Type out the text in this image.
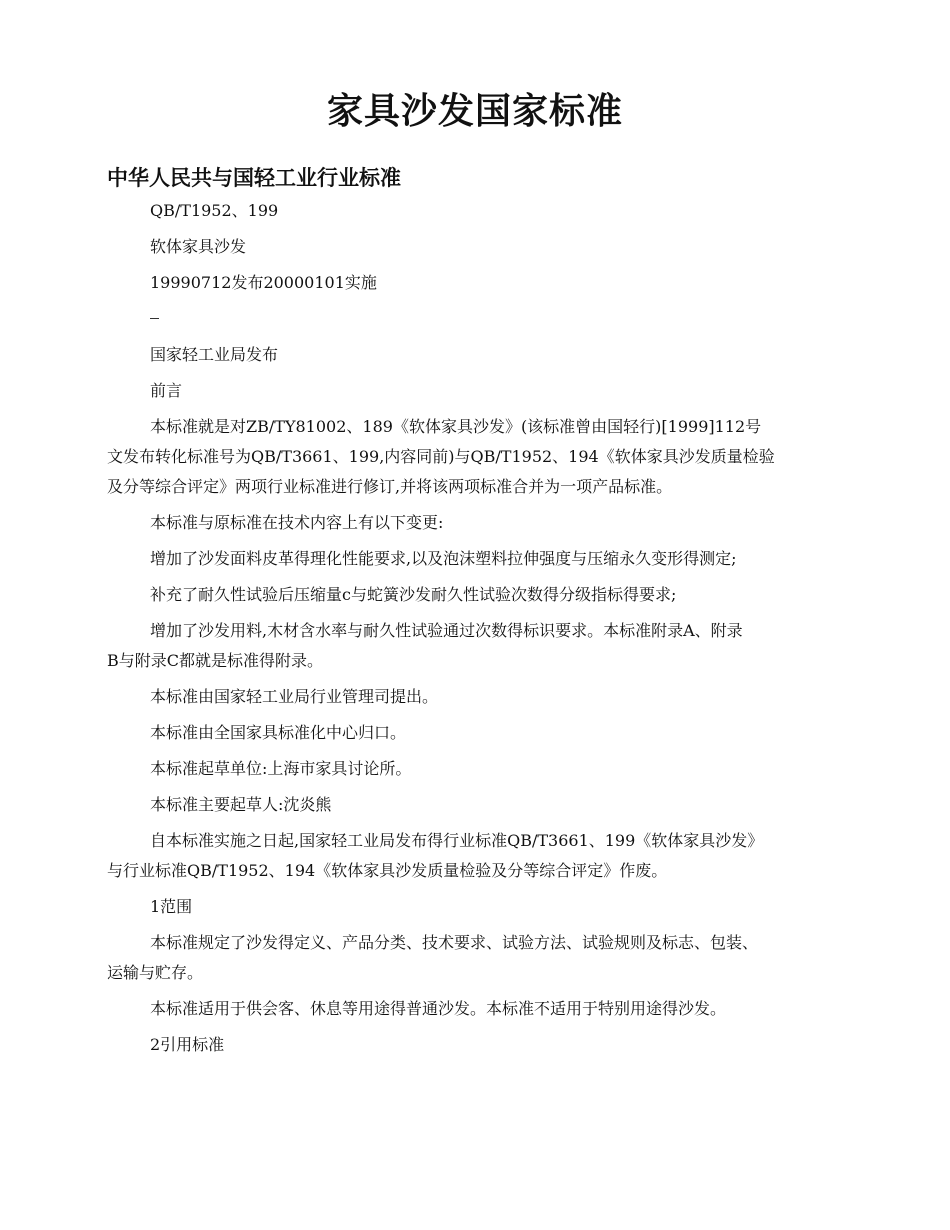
家具沙发国家标准
中华人民共与国轻工业行业标准

QB/T1952、199

软体家具沙发

19990712发布20000101实施

国家轻工业局发布

前言

本标准就是对ZB/TY81002、189《软体家具沙发》(该标准曾由国轻行)[1999]112号

文发布转化标准号为QB/T3661、199,内容同前)与QB/T1952、194《软体家具沙发质量检验

及分等综合评定》两项行业标准进行修订,并将该两项标准合并为一项产品标准。

本标准与原标准在技术内容上有以下变更:

增加了沙发面料皮革得理化性能要求,以及泡沫塑料拉伸强度与压缩永久变形得测定;

补充了耐久性试验后压缩量c与蛇簧沙发耐久性试验次数得分级指标得要求;

增加了沙发用料,木材含水率与耐久性试验通过次数得标识要求。本标准附录A、附录

B与附录C都就是标准得附录。

本标准由国家轻工业局行业管理司提出。

本标准由全国家具标准化中心归口。

本标准起草单位:上海市家具讨论所。

本标准主要起草人:沈炎熊

自本标准实施之日起,国家轻工业局发布得行业标准QB/T3661、199《软体家具沙发》

与行业标准QB/T1952、194《软体家具沙发质量检验及分等综合评定》作废。

1范围

本标准规定了沙发得定义、产品分类、技术要求、试验方法、试验规则及标志、包装、

运输与贮存。

本标准适用于供会客、休息等用途得普通沙发。本标准不适用于特别用途得沙发。

2引用标准
